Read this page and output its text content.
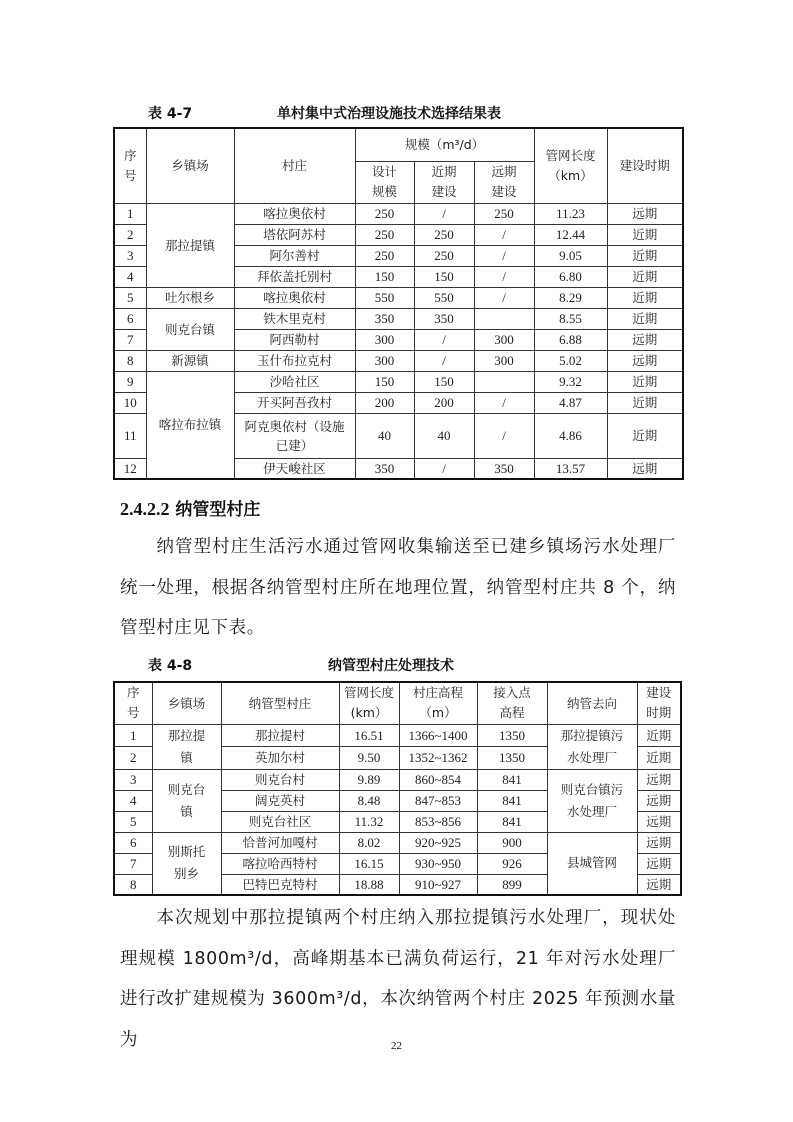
表 4-7	单村集中式治理设施技术选择结果表
序号	乡镇场	村庄	规模（m³/d）			管网长度（km）	建设时期
			设计规模	近期建设	远期建设		
1	那拉提镇	喀拉奥依村	250	/	250	11.23	远期
2		塔依阿苏村	250	250	/	12.44	近期
3		阿尔善村	250	250	/	9.05	近期
4		拜依盖托别村	150	150	/	6.80	近期
5	吐尔根乡	喀拉奥依村	550	550	/	8.29	近期
6	则克台镇	铁木里克村	350	350		8.55	近期
7		阿西勒村	300	/	300	6.88	远期
8	新源镇	玉什布拉克村	300	/	300	5.02	远期
9	喀拉布拉镇	沙哈社区	150	150		9.32	近期
10		开买阿吾孜村	200	200	/	4.87	近期
11		阿克奥依村（设施已建）	40	40	/	4.86	近期
12		伊天峻社区	350	/	350	13.57	远期
2.4.2.2 纳管型村庄
纳管型村庄生活污水通过管网收集输送至已建乡镇场污水处理厂统一处理，根据各纳管型村庄所在地理位置，纳管型村庄共 8 个，纳管型村庄见下表。
表 4-8	纳管型村庄处理技术
序号	乡镇场	纳管型村庄	管网长度(km）	村庄高程（m）	接入点高程	纳管去向	建设时期
1	那拉提镇	那拉提村	16.51	1366~1400	1350	那拉提镇污水处理厂	近期
2		英加尔村	9.50	1352~1362	1350		近期
3	则克台镇	则克台村	9.89	860~854	841	则克台镇污水处理厂	远期
4		阔克英村	8.48	847~853	841		远期
5		则克台社区	11.32	853~856	841		远期
6	别斯托别乡	恰普河加嘎村	8.02	920~925	900	县城管网	远期
7		喀拉哈西特村	16.15	930~950	926		远期
8		巴特巴克特村	18.88	910~927	899		远期
本次规划中那拉提镇两个村庄纳入那拉提镇污水处理厂，现状处理规模 1800m³/d，高峰期基本已满负荷运行，21 年对污水处理厂进行改扩建规模为 3600m³/d，本次纳管两个村庄 2025 年预测水量为	22
